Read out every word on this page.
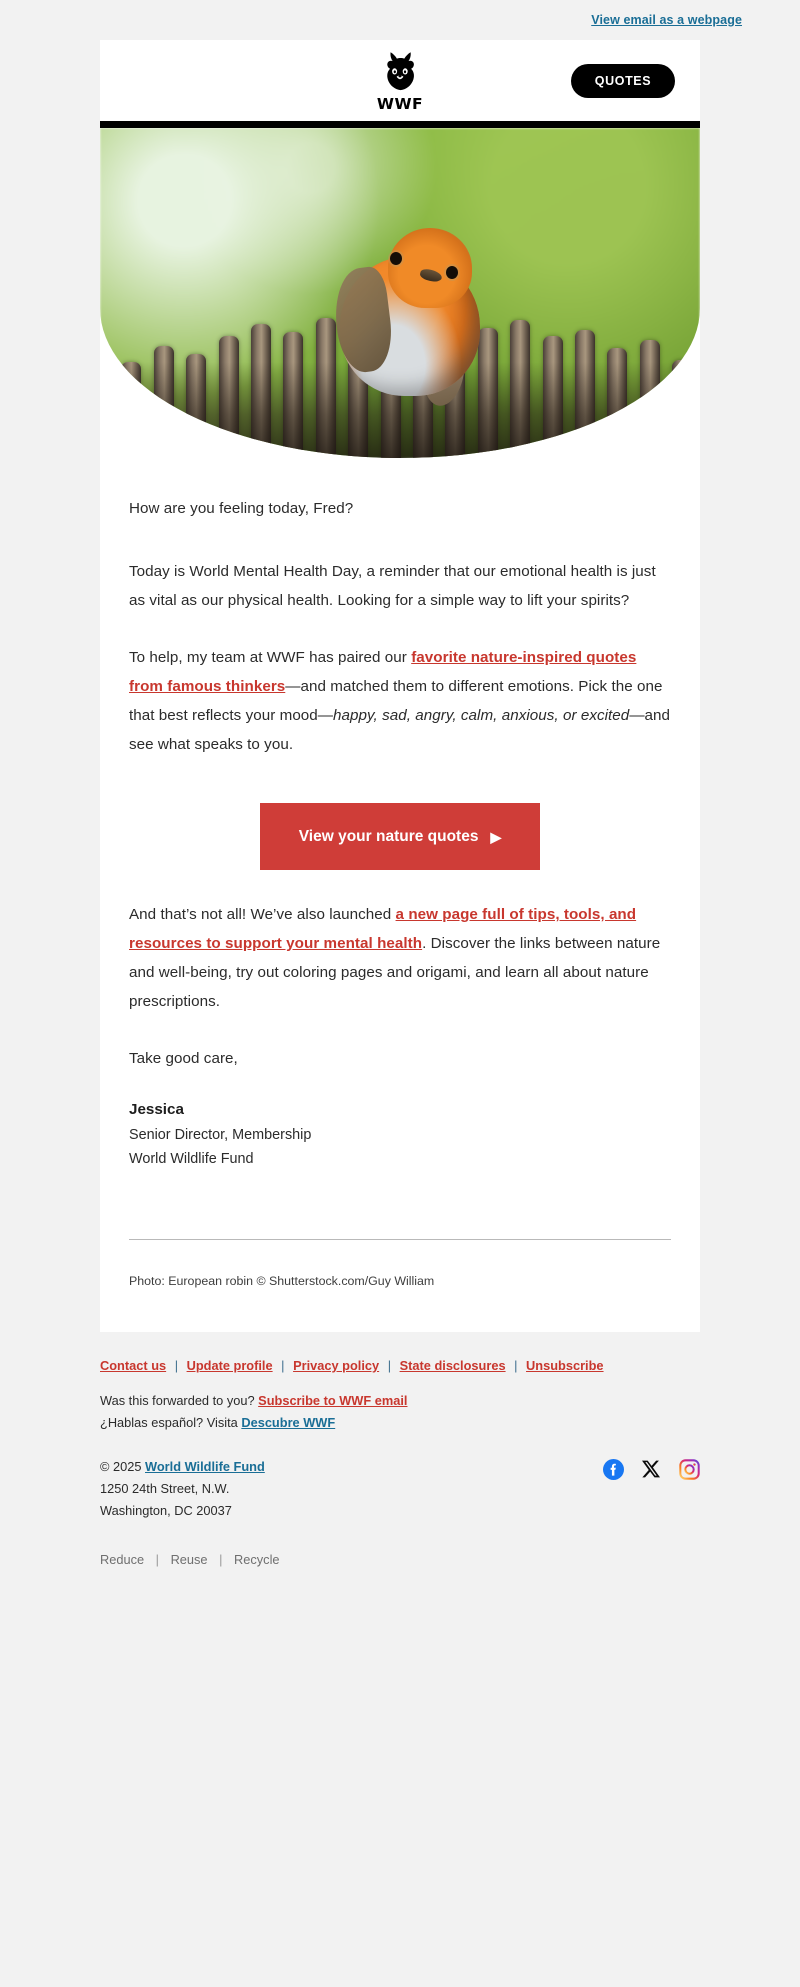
View email as a webpage
WWF
QUOTES

How are you feeling today, Fred?

Today is World Mental Health Day, a reminder that our emotional health is just as vital as our physical health. Looking for a simple way to lift your spirits?

To help, my team at WWF has paired our favorite nature-inspired quotes from famous thinkers—and matched them to different emotions. Pick the one that best reflects your mood—happy, sad, angry, calm, anxious, or excited—and see what speaks to you.

View your nature quotes ▶

And that’s not all! We’ve also launched a new page full of tips, tools, and resources to support your mental health. Discover the links between nature and well-being, try out coloring pages and origami, and learn all about nature prescriptions.

Take good care,

Jessica

Senior Director, Membership

World Wildlife Fund

Photo: European robin © Shutterstock.com/Guy William

Contact us | Update profile | Privacy policy | State disclosures | Unsubscribe
Was this forwarded to you? Subscribe to WWF email
¿Hablas español? Visita Descubre WWF
© 2025 World Wildlife Fund
1250 24th Street, N.W.
Washington, DC 20037
Reduce | Reuse | Recycle
